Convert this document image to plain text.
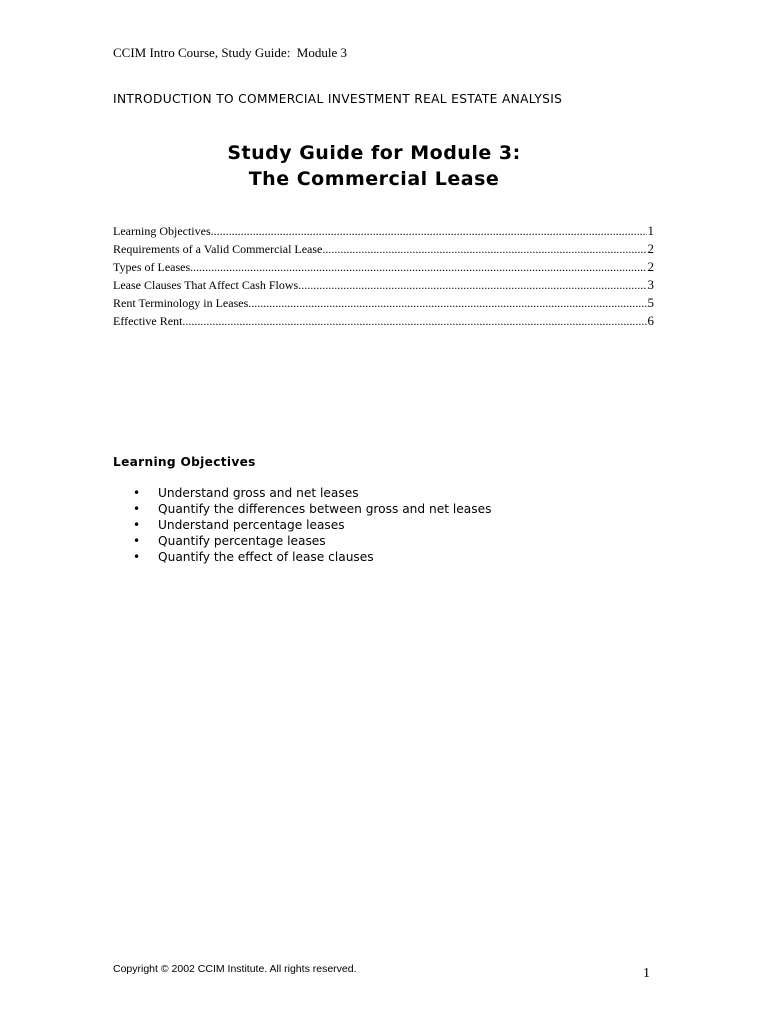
CCIM Intro Course, Study Guide:  Module 3
INTRODUCTION TO COMMERCIAL INVESTMENT REAL ESTATE ANALYSIS
Study Guide for Module 3:
The Commercial Lease
Learning Objectives .....	1
Requirements of a Valid Commercial Lease .....	2
Types of Leases .....	2
Lease Clauses That Affect Cash Flows .....	3
Rent Terminology in Leases .....	5
Effective Rent .....	6
Learning Objectives
• Understand gross and net leases
• Quantify the differences between gross and net leases
• Understand percentage leases
• Quantify percentage leases
• Quantify the effect of lease clauses
Copyright © 2002 CCIM Institute. All rights reserved.	1
